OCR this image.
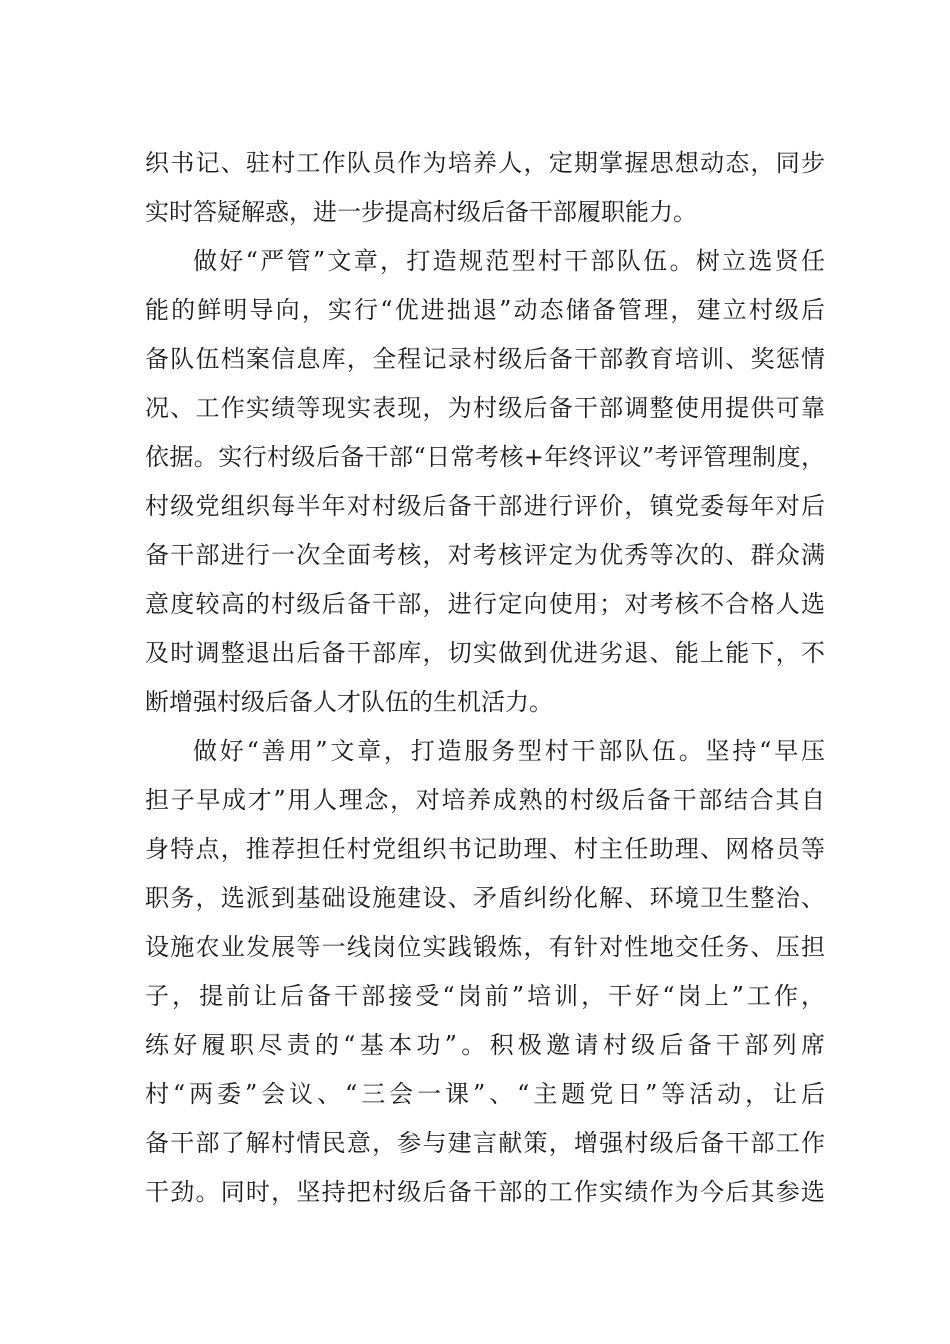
织书记、驻村工作队员作为培养人，定期掌握思想动态，同步
实时答疑解惑，进一步提高村级后备干部履职能力。
做好“严管”文章，打造规范型村干部队伍。树立选贤任
能的鲜明导向，实行“优进拙退”动态储备管理，建立村级后
备队伍档案信息库，全程记录村级后备干部教育培训、奖惩情
况、工作实绩等现实表现，为村级后备干部调整使用提供可靠
依据。实行村级后备干部“日常考核+年终评议”考评管理制度，
村级党组织每半年对村级后备干部进行评价，镇党委每年对后
备干部进行一次全面考核，对考核评定为优秀等次的、群众满
意度较高的村级后备干部，进行定向使用；对考核不合格人选
及时调整退出后备干部库，切实做到优进劣退、能上能下，不
断增强村级后备人才队伍的生机活力。
做好“善用”文章，打造服务型村干部队伍。坚持“早压
担子早成才”用人理念，对培养成熟的村级后备干部结合其自
身特点，推荐担任村党组织书记助理、村主任助理、网格员等
职务，选派到基础设施建设、矛盾纠纷化解、环境卫生整治、
设施农业发展等一线岗位实践锻炼，有针对性地交任务、压担
子，提前让后备干部接受“岗前”培训，干好“岗上”工作，
练好履职尽责的“基本功”。积极邀请村级后备干部列席
村“两委”会议、“三会一课”、“主题党日”等活动，让后
备干部了解村情民意，参与建言献策，增强村级后备干部工作
干劲。同时，坚持把村级后备干部的工作实绩作为今后其参选
